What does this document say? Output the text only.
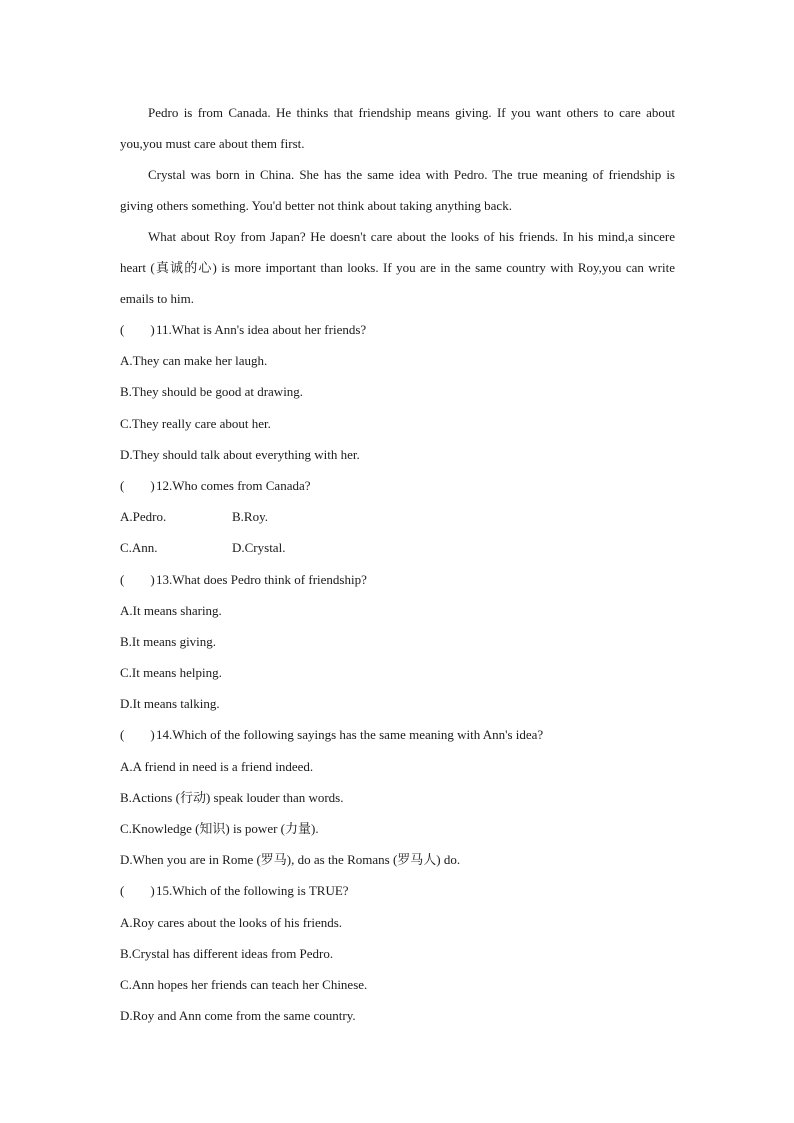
Pedro is from Canada. He thinks that friendship means giving. If you want others to care about you,you must care about them first.

Crystal was born in China. She has the same idea with Pedro. The true meaning of friendship is giving others something. You'd better not think about taking anything back.

What about Roy from Japan? He doesn't care about the looks of his friends. In his mind,a sincere heart (真诚的心) is more important than looks. If you are in the same country with Roy,you can write emails to him.

(        )11.What is Ann's idea about her friends?

A.They can make her laugh.

B.They should be good at drawing.

C.They really care about her.

D.They should talk about everything with her.

(        )12.Who comes from Canada?

A.Pedro.	B.Roy.
C.Ann.	D.Crystal.

(        )13.What does Pedro think of friendship?

A.It means sharing.

B.It means giving.

C.It means helping.

D.It means talking.

(        )14.Which of the following sayings has the same meaning with Ann's idea?

A.A friend in need is a friend indeed.

B.Actions (行动) speak louder than words.

C.Knowledge (知识) is power (力量).

D.When you are in Rome (罗马), do as the Romans (罗马人) do.

(        )15.Which of the following is TRUE?

A.Roy cares about the looks of his friends.

B.Crystal has different ideas from Pedro.

C.Ann hopes her friends can teach her Chinese.

D.Roy and Ann come from the same country.
